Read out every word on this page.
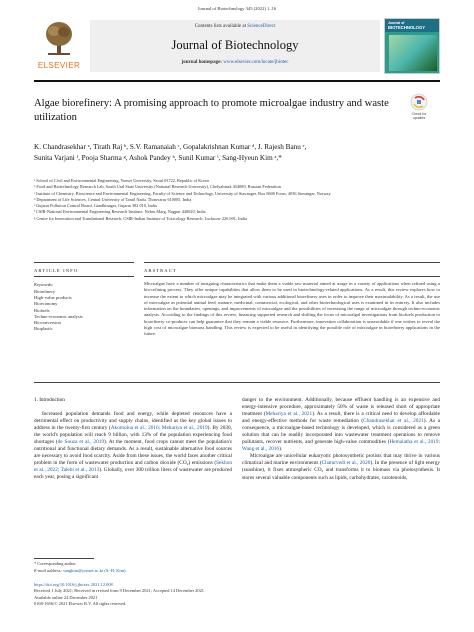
Journal of Biotechnology 345 (2022) 1–16
ELSEVIER
Contents lists available at ScienceDirect
Journal of Biotechnology
journal homepage: www.elsevier.com/locate/jbiotec
Journal of
BIOTECHNOLOGY
Algae biorefinery: A promising approach to promote microalgae industry and waste utilization	Check for updates
K. Chandrasekhar ᵃ, Tirath Raj ᵇ, S.V. Ramanaiah ᶜ, Gopalakrishnan Kumar ᵈ, J. Rajesh Banu ᵉ,
Sunita Varjani ᶠ, Pooja Sharma ᵍ, Ashok Pandey ʰ, Sunil Kumar ⁱ, Sang-Hyeun Kim ᵃ,*
ᵃ School of Civil and Environmental Engineering, Yonsei University, Seoul 03722, Republic of Korea
ᵇ Food and Biotechnology Research Lab, South Ural State University (National Research University), Chelyabinsk 454080, Russian Federation
ᶜ Institute of Chemistry, Bioscience and Environmental Engineering, Faculty of Science and Technology, University of Stavanger, Box 8600 Forus, 4036 Stavanger, Norway
ᵈ Department of Life Sciences, Central University of Tamil Nadu, Thiruvarur 610005, India
ᵉ Gujarat Pollution Control Board, Gandhinagar, Gujarat 382 010, India
ᶠ CSIR-National Environmental Engineering Research Institute, Nehru Marg, Nagpur 440020, India
ᵍ Centre for Innovation and Translational Research, CSIR-Indian Institute of Toxicology Research, Lucknow 226 001, India
ARTICLE INFO
Keywords:
Biorefinery
High-value products
Bioeconomy
Biofuels
Techno-economic analysis
Bioconversion
Bioplastic
ABSTRACT
Microalgae have a number of intriguing characteristics that make them a viable raw material aimed at usage in a variety of applications when refined using a bio-refining process. They offer unique capabilities that allow them to be used in biotechnology-related applications. As a result, this review explores how to increase the extent to which microalgae may be integrated with various additional biorefinery uses in order to improve their maximalability. As a result, the use of microalgae as potential animal feed, manure, medicinal, commercial, ecological, and other biotechnological uses is examined in its entirety. It also includes information on the boundaries, openings, and improvements of microalgae and the possibilities of increasing the range of microalgae through techno-economic analysis. According to the findings of this review, financing supported research and shifting the focus of microalgal investigations from biofuels production to biorefinery co-products can help guarantee that they remain a viable resource. Furthermore, innovation collaboration is unavoidable if one wishes to reveal the high cost of microalgae biomass handling. This review is expected to be useful in identifying the possible role of microalgae in biorefinery applications in the future.
1. Introduction

Increased population demands food and energy, while depleted resources have a detrimental effect on productivity and supply chains, identified as the key global issues to address in the twenty-first century (Akomolua et al., 2016; Mehariya et al., 2019). By 2030, the world's population will reach 9 billion, with 13% of the population experiencing food shortages (de Souza et al., 2019). At the moment, food crops cannot meet the population's nutritional and functional dietary demands. As a result, sustainable alternative food sources are necessary to avoid food scarcity. Aside from these issues, the world faces another critical problem in the form of wastewater production and carbon dioxide (CO₂) emissions (Sekhon et al., 2022; Talebi et al., 2013). Globally, over 300 trillion liters of wastewater are produced each year, posing a significant

danger to the environment. Additionally, because effluent handling is an expensive and energy-intensive procedure, approximately 50% of waste is released short of appropriate treatment (Mehariya et al., 2021). As a result, there is a critical need to develop affordable and energy-effective methods for waste remediation (Chandrasekhar et al., 2021). As a consequence, a microalgae-based technology is developed, which is considered as a green solution that can be readily incorporated into wastewater treatment operations to remove pollutants, recover nutrients, and generate high-value commodities (Hemalatha et al., 2019; Wang et al., 2016).

Microalgae are unicellular eukaryotic photosynthetic protists that may thrive in various climatical and marine environments (Chaturvedi et al., 2020). In the presence of light energy (sunshine), it fixes atmospheric CO₂ and transforms it to biomass via photosynthesis. It stores several valuable components such as lipids, carbohydrates, carotenoids,

* Corresponding author.
E-mail address: sangkim@yonsei.ac.kr (S.-H. Kim).
https://doi.org/10.1016/j.jbiotec.2021.12.008
Received 1 July 2021; Received in revised form 9 December 2021; Accepted 14 December 2021
Available online 24 December 2021
0168-1656/© 2021 Elsevier B.V. All rights reserved.
